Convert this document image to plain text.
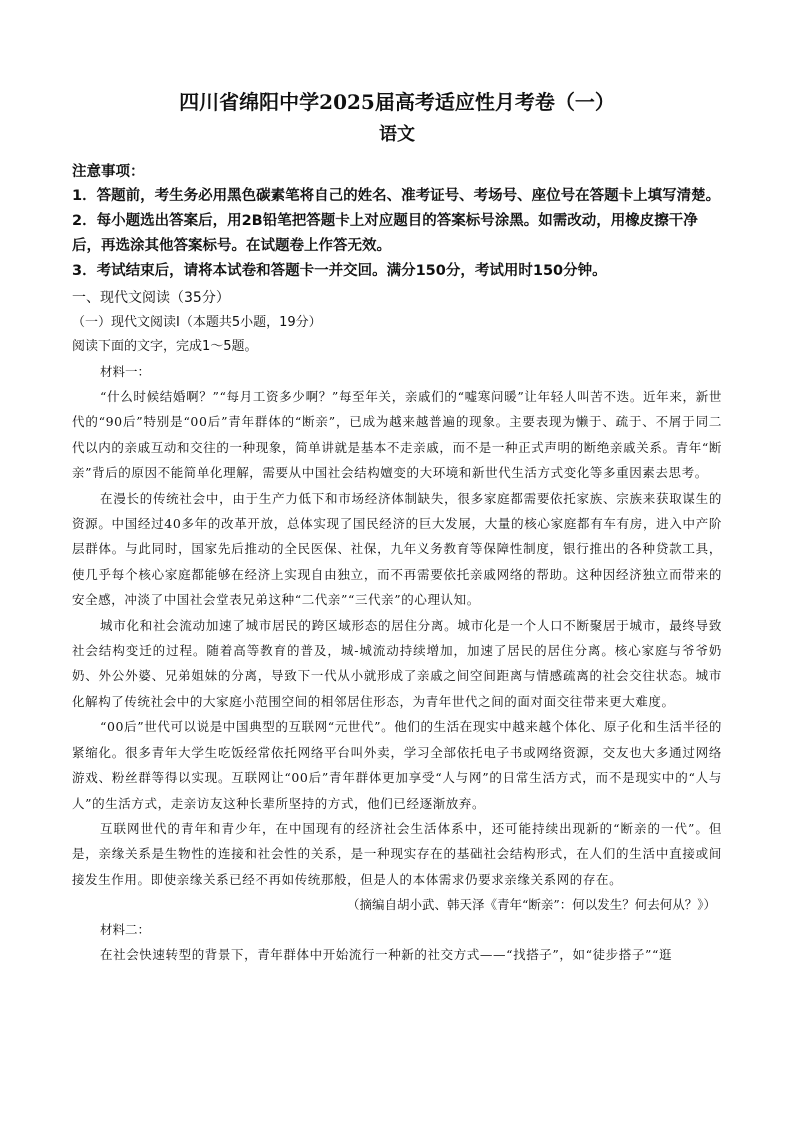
四川省绵阳中学2025届高考适应性月考卷（一）
语文
注意事项：

1．答题前，考生务必用黑色碳素笔将自己的姓名、准考证号、考场号、座位号在答题卡上填写清楚。

2．每小题选出答案后，用2B铅笔把答题卡上对应题目的答案标号涂黑。如需改动，用橡皮擦干净后，再选涂其他答案标号。在试题卷上作答无效。

3．考试结束后，请将本试卷和答题卡一并交回。满分150分，考试用时150分钟。

一、现代文阅读（35分）
（一）现代文阅读Ⅰ（本题共5小题，19分）
阅读下面的文字，完成1～5题。
材料一：

“什么时候结婚啊？”“每月工资多少啊？”每至年关，亲戚们的“嘘寒问暖”让年轻人叫苦不迭。近年来，新世代的“90后”特别是“00后”青年群体的“断亲”，已成为越来越普遍的现象。主要表现为懒于、疏于、不屑于同二代以内的亲戚互动和交往的一种现象，简单讲就是基本不走亲戚，而不是一种正式声明的断绝亲戚关系。青年“断亲”背后的原因不能简单化理解，需要从中国社会结构嬗变的大环境和新世代生活方式变化等多重因素去思考。

在漫长的传统社会中，由于生产力低下和市场经济体制缺失，很多家庭都需要依托家族、宗族来获取谋生的资源。中国经过40多年的改革开放，总体实现了国民经济的巨大发展，大量的核心家庭都有车有房，进入中产阶层群体。与此同时，国家先后推动的全民医保、社保，九年义务教育等保障性制度，银行推出的各种贷款工具，使几乎每个核心家庭都能够在经济上实现自由独立，而不再需要依托亲戚网络的帮助。这种因经济独立而带来的安全感，冲淡了中国社会堂表兄弟这种“二代亲”“三代亲”的心理认知。

城市化和社会流动加速了城市居民的跨区域形态的居住分离。城市化是一个人口不断聚居于城市，最终导致社会结构变迁的过程。随着高等教育的普及，城-城流动持续增加，加速了居民的居住分离。核心家庭与爷爷奶奶、外公外婆、兄弟姐妹的分离，导致下一代从小就形成了亲戚之间空间距离与情感疏离的社会交往状态。城市化解构了传统社会中的大家庭小范围空间的相邻居住形态，为青年世代之间的面对面交往带来更大难度。

“00后”世代可以说是中国典型的互联网“元世代”。他们的生活在现实中越来越个体化、原子化和生活半径的紧缩化。很多青年大学生吃饭经常依托网络平台叫外卖，学习全部依托电子书或网络资源，交友也大多通过网络游戏、粉丝群等得以实现。互联网让“00后”青年群体更加享受“人与网”的日常生活方式，而不是现实中的“人与人”的生活方式，走亲访友这种长辈所坚持的方式，他们已经逐渐放弃。

互联网世代的青年和青少年，在中国现有的经济社会生活体系中，还可能持续出现新的“断亲的一代”。但是，亲缘关系是生物性的连接和社会性的关系，是一种现实存在的基础社会结构形式，在人们的生活中直接或间接发生作用。即使亲缘关系已经不再如传统那般，但是人的本体需求仍要求亲缘关系网的存在。

（摘编自胡小武、韩天泽《青年“断亲”：何以发生？何去何从？》）
材料二：

在社会快速转型的背景下，青年群体中开始流行一种新的社交方式——“找搭子”，如“徒步搭子”“逛
